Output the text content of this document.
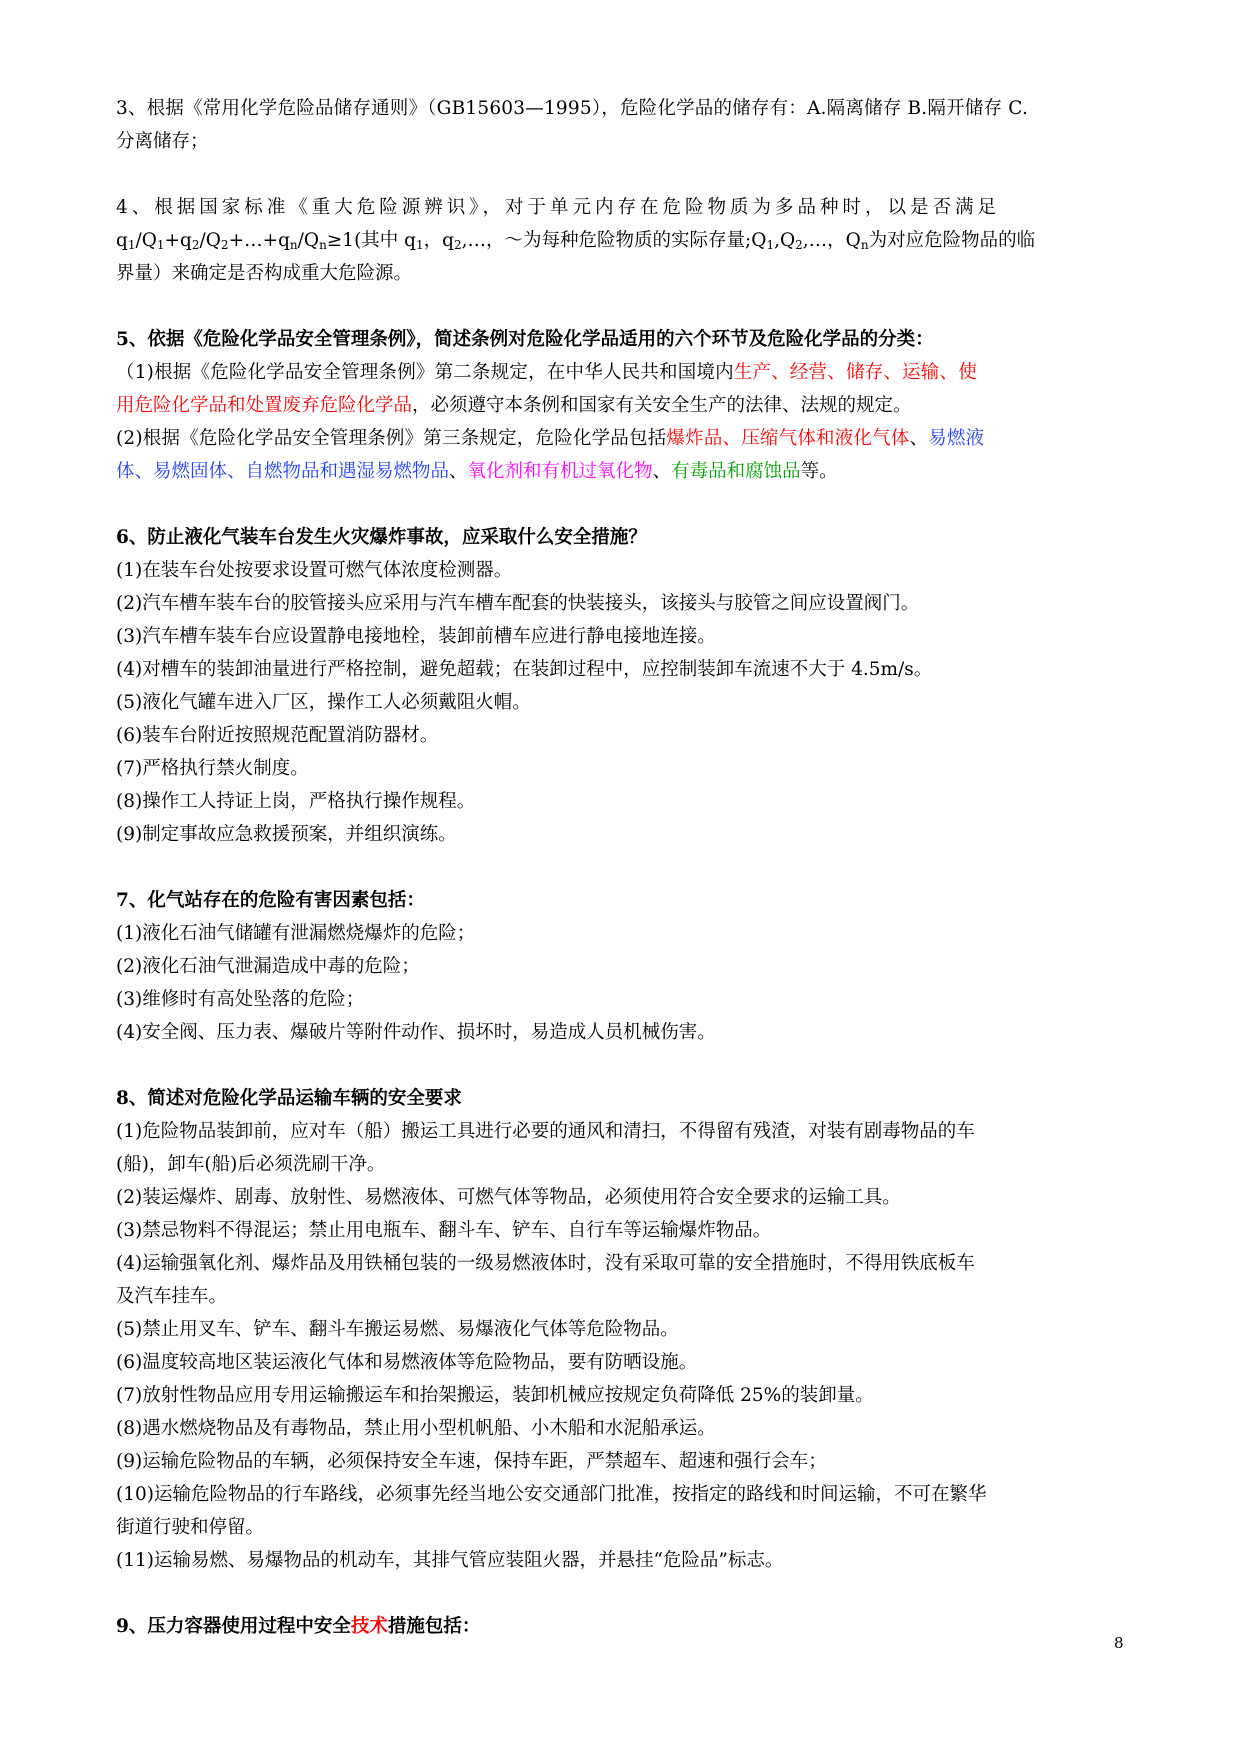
3、根据《常用化学危险品储存通则》（GB15603—1995），危险化学品的储存有：A.隔离储存 B.隔开储存 C.

分离储存；

4、根据国家标准《重大危险源辨识》，对于单元内存在危险物质为多品种时，以是否满足

$q_1/Q_1+q_2/Q_2+\dots+q_n/Q_n\ge 1$(其中 $q_1$，$q_2,\dots$，～为每种危险物质的实际存量$;Q_1,Q_2,\dots$，$Q_n$为对应危险物品的临

界量）来确定是否构成重大危险源。

5、依据《危险化学品安全管理条例》，简述条例对危险化学品适用的六个环节及危险化学品的分类：

（1)根据《危险化学品安全管理条例》第二条规定，在中华人民共和国境内生产、经营、储存、运输、使

用危险化学品和处置废弃危险化学品，必须遵守本条例和国家有关安全生产的法律、法规的规定。

(2)根据《危险化学品安全管理条例》第三条规定，危险化学品包括爆炸品、压缩气体和液化气体、易燃液

体、易燃固体、自燃物品和遇湿易燃物品、氧化剂和有机过氧化物、有毒品和腐蚀品等。

6、防止液化气装车台发生火灾爆炸事故，应采取什么安全措施？

(1)在装车台处按要求设置可燃气体浓度检测器。

(2)汽车槽车装车台的胶管接头应采用与汽车槽车配套的快装接头，该接头与胶管之间应设置阀门。

(3)汽车槽车装车台应设置静电接地栓，装卸前槽车应进行静电接地连接。

(4)对槽车的装卸油量进行严格控制，避免超载；在装卸过程中，应控制装卸车流速不大于 4.5m/s。

(5)液化气罐车进入厂区，操作工人必须戴阻火帽。

(6)装车台附近按照规范配置消防器材。

(7)严格执行禁火制度。

(8)操作工人持证上岗，严格执行操作规程。

(9)制定事故应急救援预案，并组织演练。

7、化气站存在的危险有害因素包括：

(1)液化石油气储罐有泄漏燃烧爆炸的危险；

(2)液化石油气泄漏造成中毒的危险；

(3)维修时有高处坠落的危险；

(4)安全阀、压力表、爆破片等附件动作、损坏时，易造成人员机械伤害。

8、简述对危险化学品运输车辆的安全要求

(1)危险物品装卸前，应对车（船）搬运工具进行必要的通风和清扫，不得留有残渣，对装有剧毒物品的车

(船)，卸车(船)后必须洗刷干净。

(2)装运爆炸、剧毒、放射性、易燃液体、可燃气体等物品，必须使用符合安全要求的运输工具。

(3)禁忌物料不得混运；禁止用电瓶车、翻斗车、铲车、自行车等运输爆炸物品。

(4)运输强氧化剂、爆炸品及用铁桶包装的一级易燃液体时，没有采取可靠的安全措施时，不得用铁底板车

及汽车挂车。

(5)禁止用叉车、铲车、翻斗车搬运易燃、易爆液化气体等危险物品。

(6)温度较高地区装运液化气体和易燃液体等危险物品，要有防晒设施。

(7)放射性物品应用专用运输搬运车和抬架搬运，装卸机械应按规定负荷降低 25%的装卸量。

(8)遇水燃烧物品及有毒物品，禁止用小型机帆船、小木船和水泥船承运。

(9)运输危险物品的车辆，必须保持安全车速，保持车距，严禁超车、超速和强行会车；

(10)运输危险物品的行车路线，必须事先经当地公安交通部门批准，按指定的路线和时间运输，不可在繁华

街道行驶和停留。

(11)运输易燃、易爆物品的机动车，其排气管应装阻火器，并悬挂“危险品”标志。

9、压力容器使用过程中安全技术措施包括：

8
